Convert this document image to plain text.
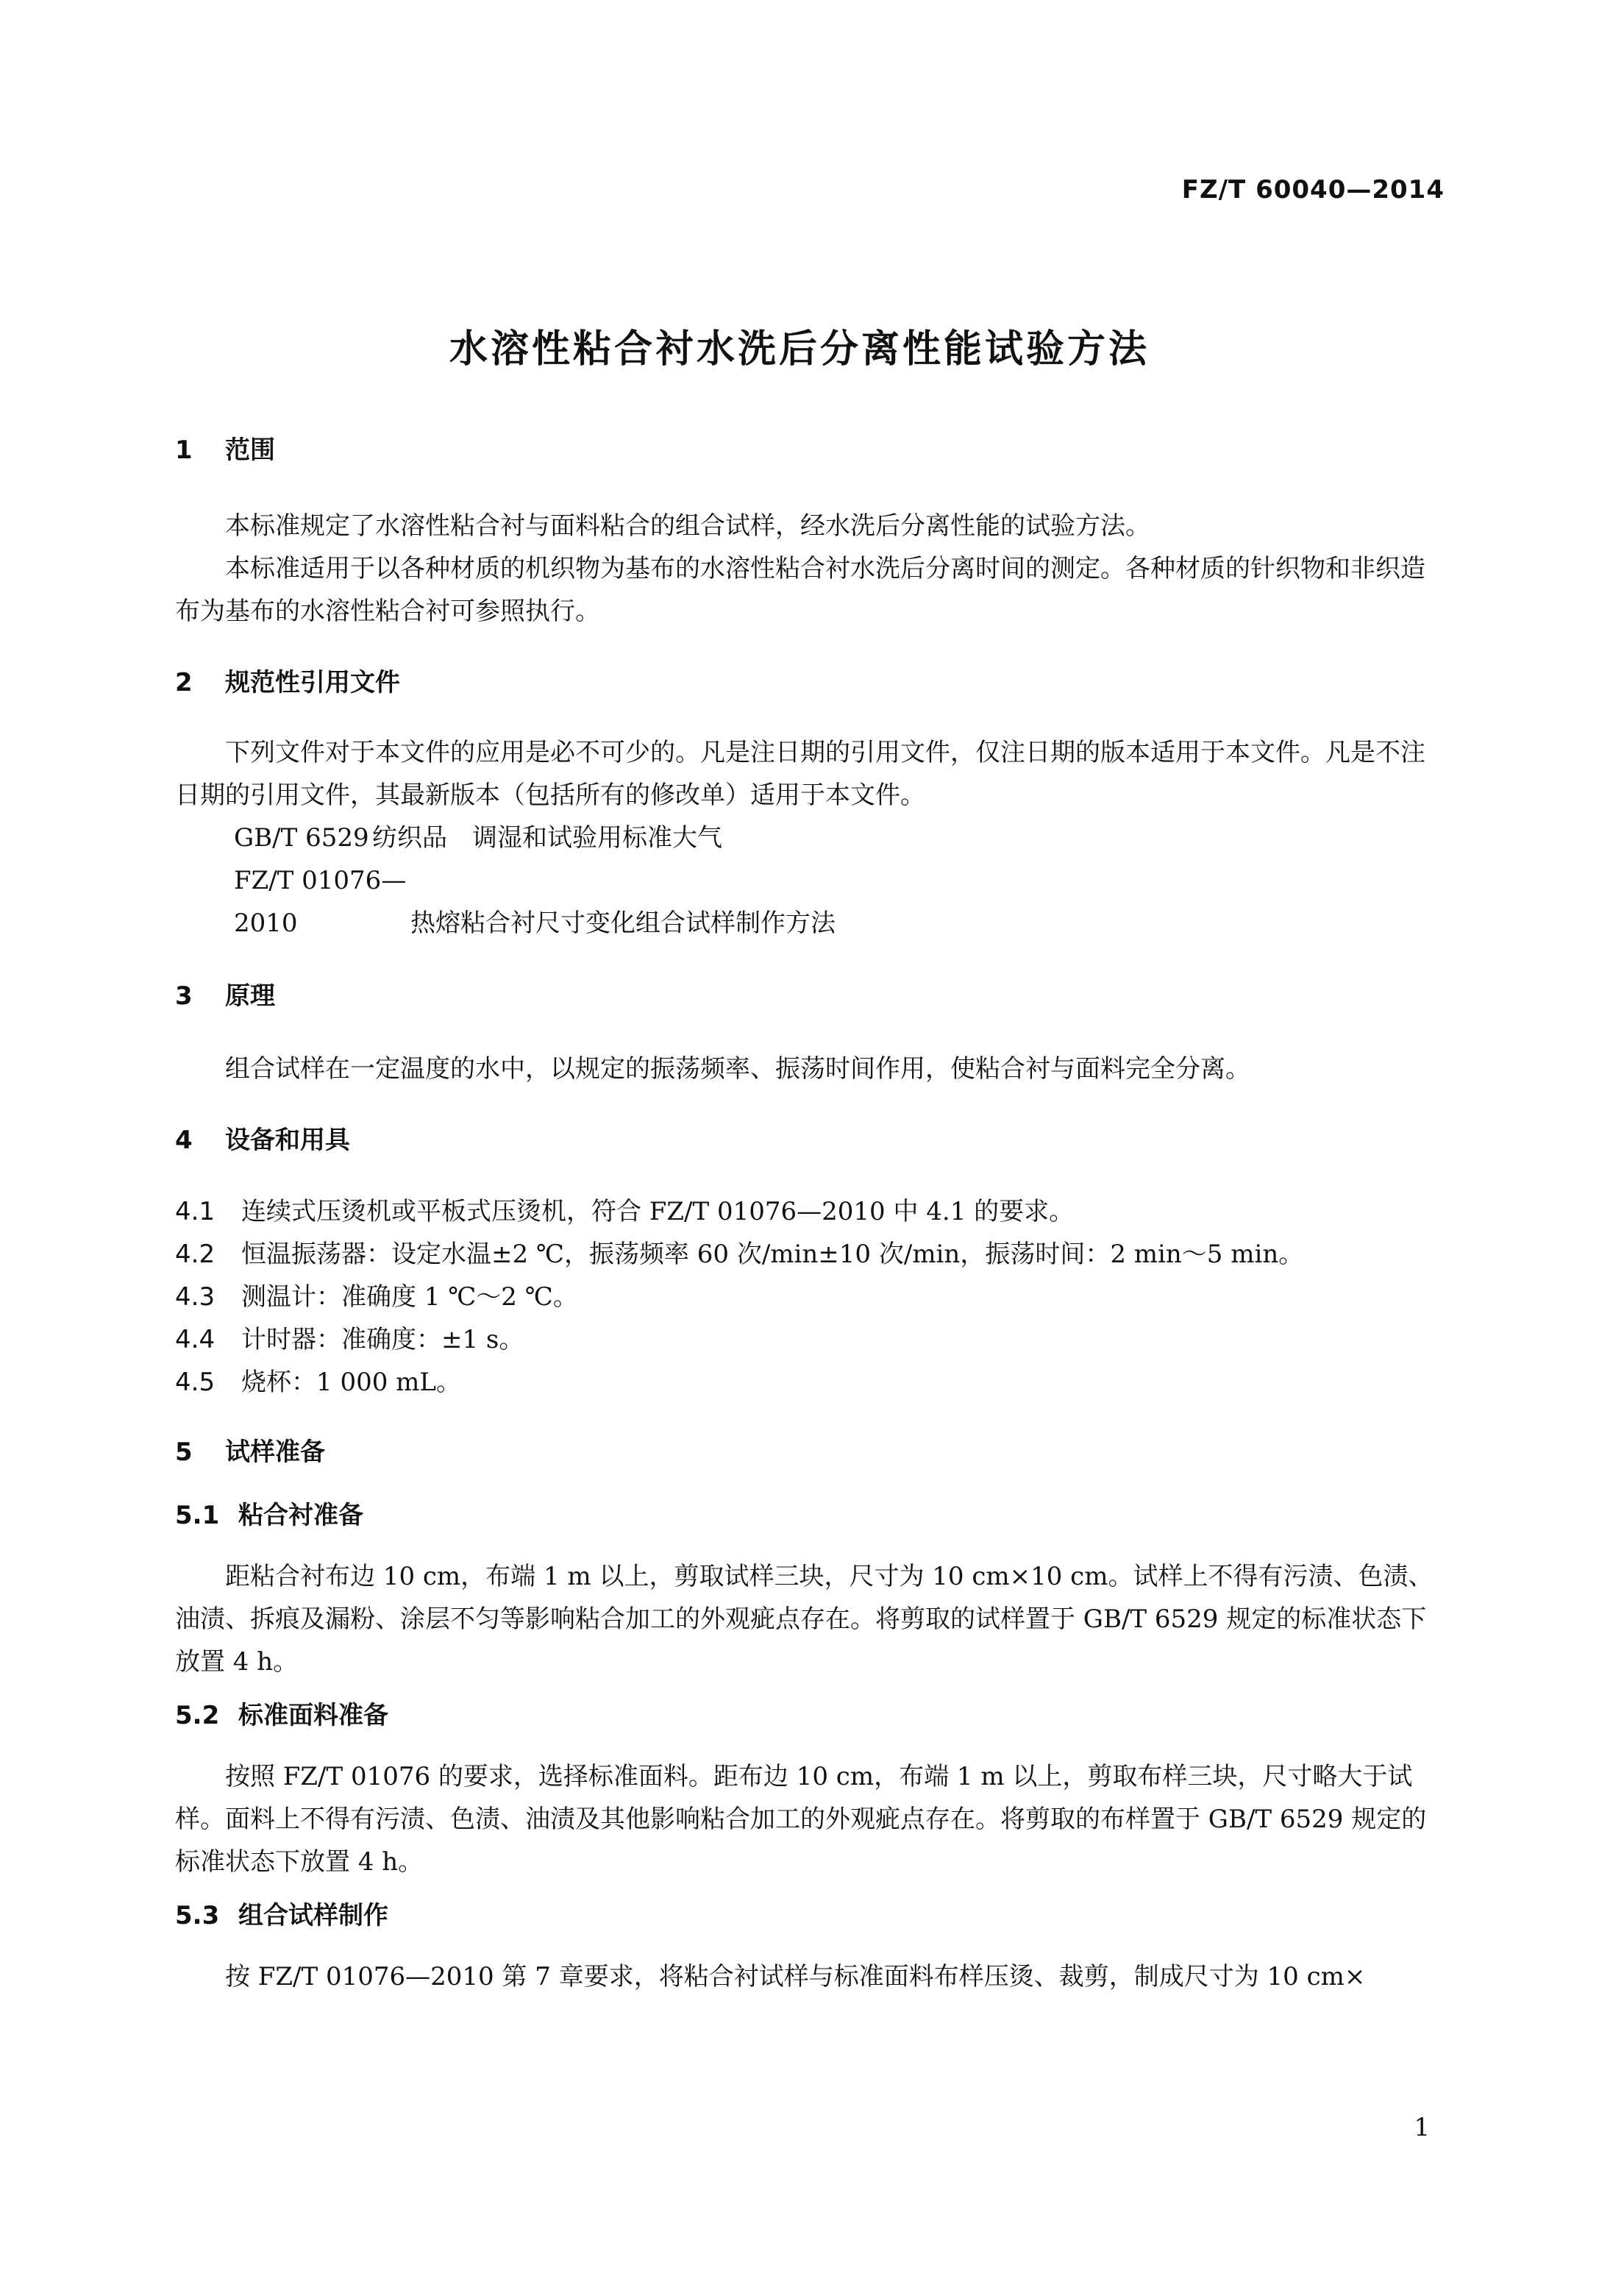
FZ/T 60040—2014
水溶性粘合衬水洗后分离性能试验方法
1 范围

本标准规定了水溶性粘合衬与面料粘合的组合试样，经水洗后分离性能的试验方法。

本标准适用于以各种材质的机织物为基布的水溶性粘合衬水洗后分离时间的测定。各种材质的针织物和非织造布为基布的水溶性粘合衬可参照执行。

2 规范性引用文件

下列文件对于本文件的应用是必不可少的。凡是注日期的引用文件，仅注日期的版本适用于本文件。凡是不注日期的引用文件，其最新版本（包括所有的修改单）适用于本文件。

GB/T 6529 纺织品　调湿和试验用标准大气

FZ/T 01076—2010	热熔粘合衬尺寸变化组合试样制作方法

3 原理

组合试样在一定温度的水中，以规定的振荡频率、振荡时间作用，使粘合衬与面料完全分离。

4 设备和用具

4.1	连续式压烫机或平板式压烫机，符合 FZ/T 01076—2010 中 4.1 的要求。

4.2	恒温振荡器：设定水温±2 ℃，振荡频率 60 次/min±10 次/min，振荡时间：2 min～5 min。

4.3	测温计：准确度 1 ℃～2 ℃。

4.4	计时器：准确度：±1 s。

4.5	烧杯：1 000 mL。

5 试样准备
5.1 粘合衬准备

距粘合衬布边 10 cm，布端 1 m 以上，剪取试样三块，尺寸为 10 cm×10 cm。试样上不得有污渍、色渍、油渍、拆痕及漏粉、涂层不匀等影响粘合加工的外观疵点存在。将剪取的试样置于 GB/T 6529 规定的标准状态下放置 4 h。

5.2 标准面料准备

按照 FZ/T 01076 的要求，选择标准面料。距布边 10 cm，布端 1 m 以上，剪取布样三块，尺寸略大于试样。面料上不得有污渍、色渍、油渍及其他影响粘合加工的外观疵点存在。将剪取的布样置于 GB/T 6529 规定的标准状态下放置 4 h。

5.3 组合试样制作

按 FZ/T 01076—2010 第 7 章要求，将粘合衬试样与标准面料布样压烫、裁剪，制成尺寸为 10 cm×

1
